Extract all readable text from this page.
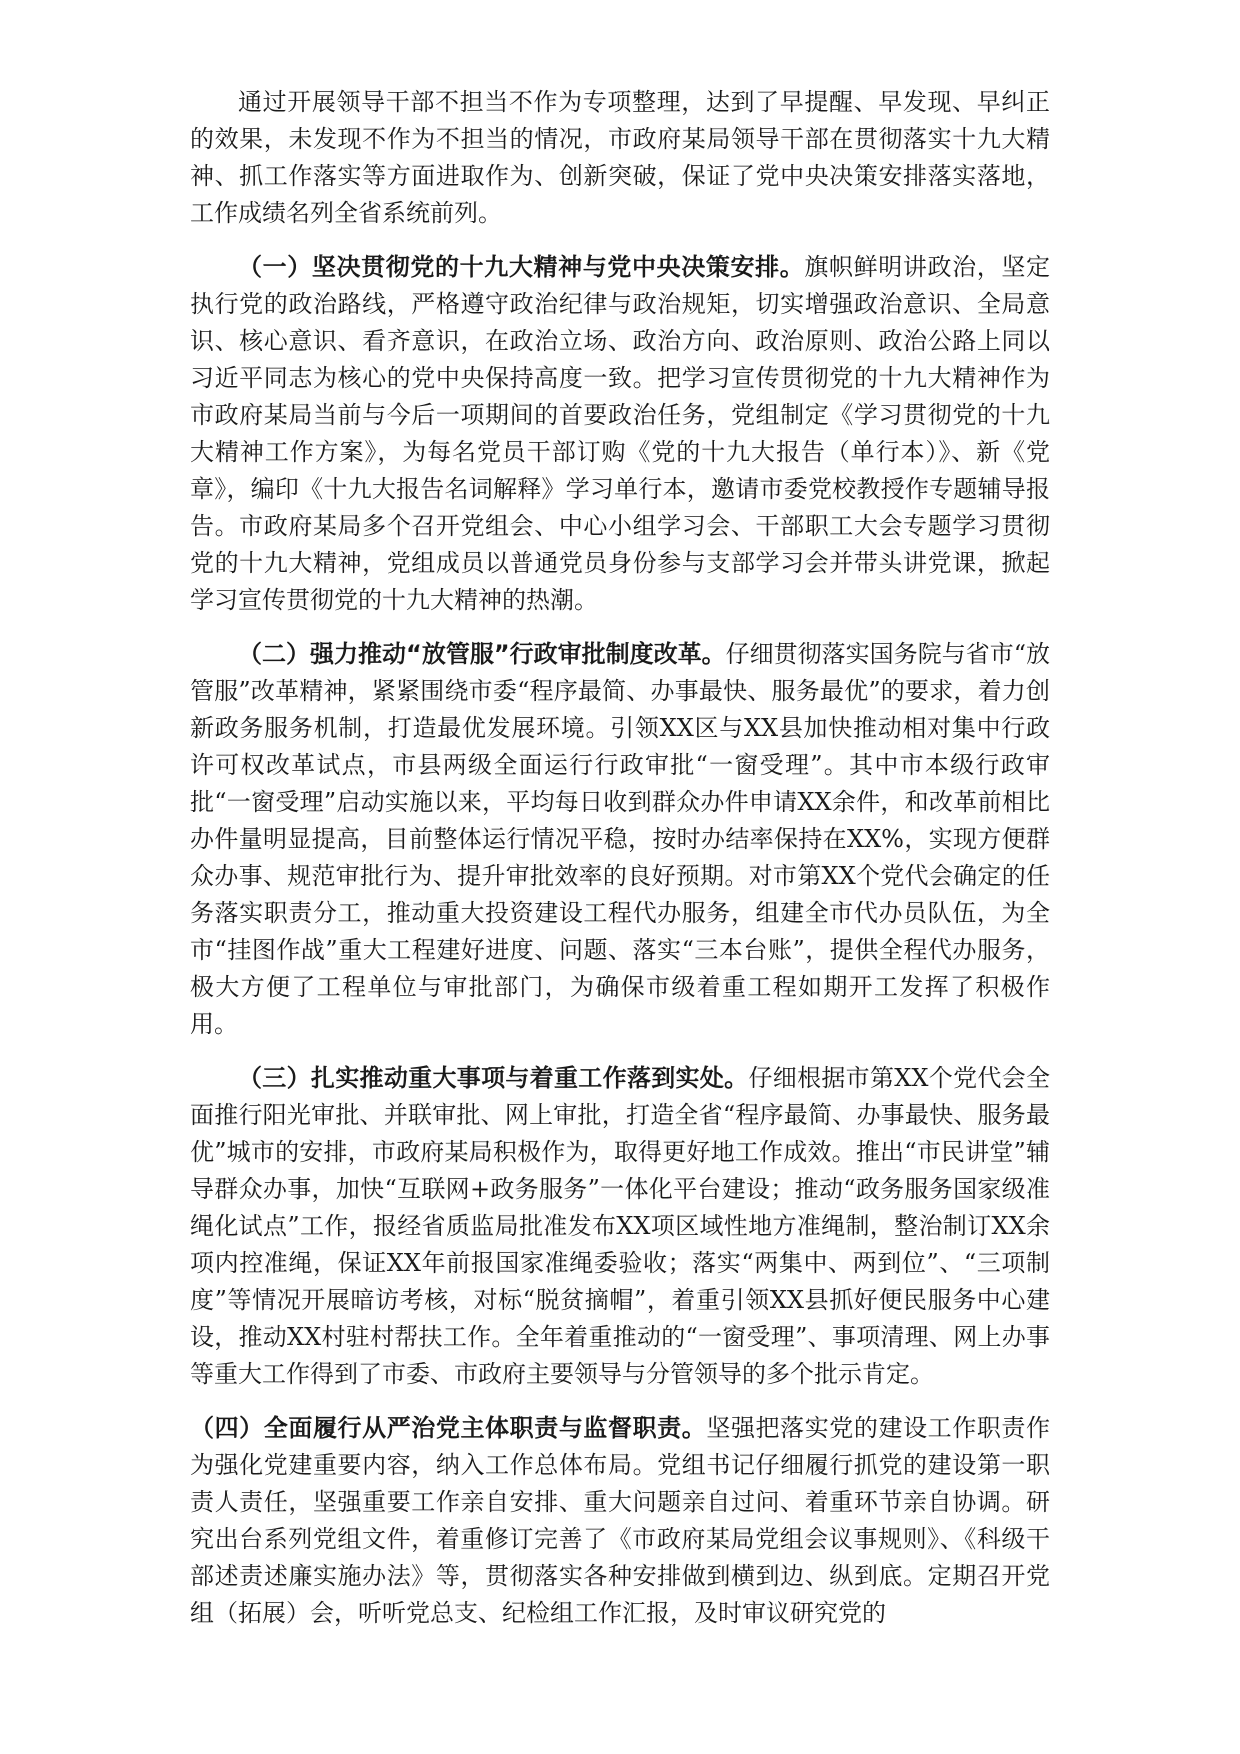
通过开展领导干部不担当不作为专项整理，达到了早提醒、早发现、早纠正的效果，未发现不作为不担当的情况，市政府某局领导干部在贯彻落实十九大精神、抓工作落实等方面进取作为、创新突破，保证了党中央决策安排落实落地，工作成绩名列全省系统前列。

（一）坚决贯彻党的十九大精神与党中央决策安排。旗帜鲜明讲政治，坚定执行党的政治路线，严格遵守政治纪律与政治规矩，切实增强政治意识、全局意识、核心意识、看齐意识，在政治立场、政治方向、政治原则、政治公路上同以习近平同志为核心的党中央保持高度一致。把学习宣传贯彻党的十九大精神作为市政府某局当前与今后一项期间的首要政治任务，党组制定《学习贯彻党的十九大精神工作方案》，为每名党员干部订购《党的十九大报告（单行本）》、新《党章》，编印《十九大报告名词解释》学习单行本，邀请市委党校教授作专题辅导报告。市政府某局多个召开党组会、中心小组学习会、干部职工大会专题学习贯彻党的十九大精神，党组成员以普通党员身份参与支部学习会并带头讲党课，掀起学习宣传贯彻党的十九大精神的热潮。

（二）强力推动“放管服”行政审批制度改革。仔细贯彻落实国务院与省市“放管服”改革精神，紧紧围绕市委“程序最简、办事最快、服务最优”的要求，着力创新政务服务机制，打造最优发展环境。引领XX区与XX县加快推动相对集中行政许可权改革试点，市县两级全面运行行政审批“一窗受理”。其中市本级行政审批“一窗受理”启动实施以来，平均每日收到群众办件申请XX余件，和改革前相比办件量明显提高，目前整体运行情况平稳，按时办结率保持在XX%，实现方便群众办事、规范审批行为、提升审批效率的良好预期。对市第XX个党代会确定的任务落实职责分工，推动重大投资建设工程代办服务，组建全市代办员队伍，为全市“挂图作战”重大工程建好进度、问题、落实“三本台账”，提供全程代办服务，极大方便了工程单位与审批部门，为确保市级着重工程如期开工发挥了积极作用。

（三）扎实推动重大事项与着重工作落到实处。仔细根据市第XX个党代会全面推行阳光审批、并联审批、网上审批，打造全省“程序最简、办事最快、服务最优”城市的安排，市政府某局积极作为，取得更好地工作成效。推出“市民讲堂”辅导群众办事，加快“互联网+政务服务”一体化平台建设；推动“政务服务国家级准绳化试点”工作，报经省质监局批准发布XX项区域性地方准绳制，整治制订XX余项内控准绳，保证XX年前报国家准绳委验收；落实“两集中、两到位”、“三项制度”等情况开展暗访考核，对标“脱贫摘帽”，着重引领XX县抓好便民服务中心建设，推动XX村驻村帮扶工作。全年着重推动的“一窗受理”、事项清理、网上办事等重大工作得到了市委、市政府主要领导与分管领导的多个批示肯定。

（四）全面履行从严治党主体职责与监督职责。坚强把落实党的建设工作职责作为强化党建重要内容，纳入工作总体布局。党组书记仔细履行抓党的建设第一职责人责任，坚强重要工作亲自安排、重大问题亲自过问、着重环节亲自协调。研究出台系列党组文件，着重修订完善了《市政府某局党组会议事规则》、《科级干部述责述廉实施办法》等，贯彻落实各种安排做到横到边、纵到底。定期召开党组（拓展）会，听听党总支、纪检组工作汇报，及时审议研究党的
